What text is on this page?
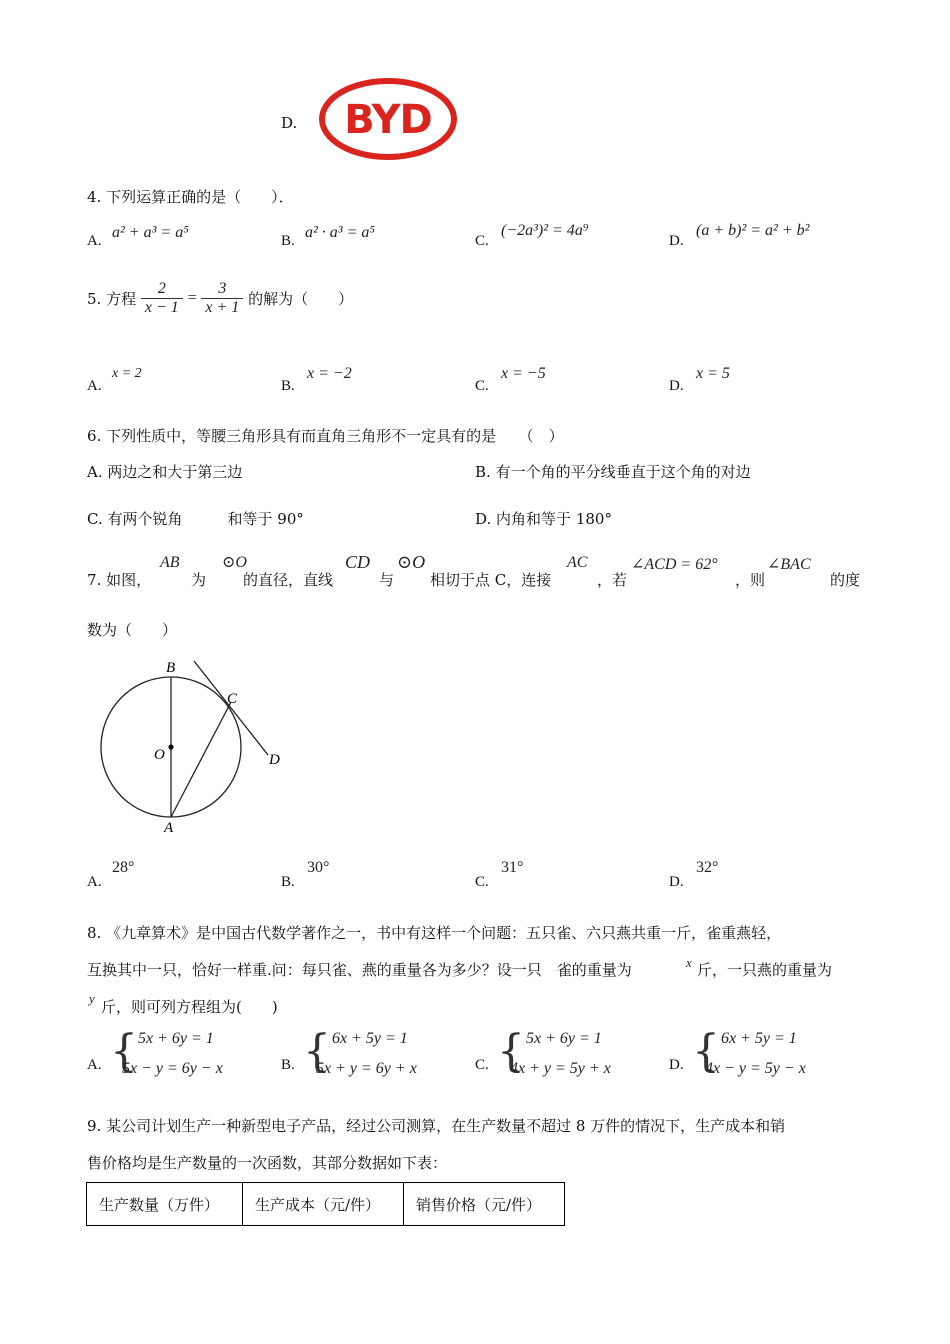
D. BYD
4. 下列运算正确的是（　　）．
A. a² + a³ = a⁵	B. a² · a³ = a⁵	C.
(−2a³)² = 4a⁹
D.
(a + b)² = a² + b²
5. 方程 $\frac{2}{x - 1} = \frac{3}{x + 1}$ 的解为（　　）
A.
x = 2
B.
x = −2
C.
x = −5
D.
x = 5
6. 下列性质中，等腰三角形具有而直角三角形不一定具有的是　　（　）
A. 两边之和大于第三边	B. 有一个角的平分线垂直于这个角的对边
C. 有两个锐角　　　和等于 90°	D. 内角和等于 180°
7. 如图，
AB
为
⊙O
的直径，直线
CD
与
⊙O
相切于点 C，连接
AC
，若
∠ACD = 62°
，则
∠BAC
的度
数为（　　）
B
C
O	D
A
A.
28°
B.
30°
C.
31°
D.
32°
8. 《九章算术》是中国古代数学著作之一，书中有这样一个问题：五只雀、六只燕共重一斤，雀重燕轻，
互换其中一只，恰好一样重.问：每只雀、燕的重量各为多少？设一只　雀的重量为	x 斤，一只燕的重量为
y 斤，则可列方程组为(　　)
A. { 5x + 6y = 1
5x − y = 6y − x	B. { 6x + 5y = 1
5x + y = 6y + x	C. { 5x + 6y = 1
4x + y = 5y + x	D. { 6x + 5y = 1
4x − y = 5y − x
9. 某公司计划生产一种新型电子产品，经过公司测算，在生产数量不超过 8 万件的情况下，生产成本和销
售价格均是生产数量的一次函数，其部分数据如下表：
生产数量（万件）	生产成本（元/件）	销售价格（元/件）
